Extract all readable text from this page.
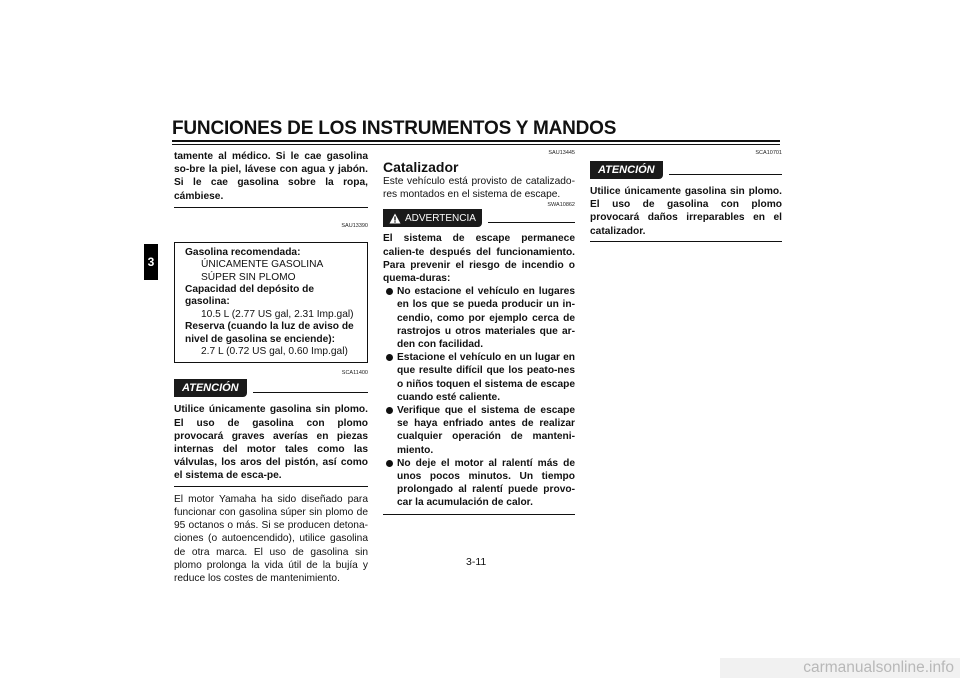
FUNCIONES DE LOS INSTRUMENTOS Y MANDOS
3

tamente al médico. Si le cae gasolina so-bre la piel, lávese con agua y jabón. Si le cae gasolina sobre la ropa, cámbiese.

SAU13390
Gasolina recomendada:
ÚNICAMENTE GASOLINA SÚPER SIN PLOMO
Capacidad del depósito de gasolina:
10.5 L (2.77 US gal, 2.31 Imp.gal)
Reserva (cuando la luz de aviso de nivel de gasolina se enciende):
2.7 L (0.72 US gal, 0.60 Imp.gal)
SCA11400
ATENCIÓN

Utilice únicamente gasolina sin plomo. El uso de gasolina con plomo provocará graves averías en piezas internas del motor tales como las válvulas, los aros del pistón, así como el sistema de esca-pe.

El motor Yamaha ha sido diseñado para funcionar con gasolina súper sin plomo de 95 octanos o más. Si se producen detona-ciones (o autoencendido), utilice gasolina de otra marca. El uso de gasolina sin plomo prolonga la vida útil de la bujía y reduce los costes de mantenimiento.

SAU13445
Catalizador

Este vehículo está provisto de catalizado-res montados en el sistema de escape.

SWA10862
ADVERTENCIA

El sistema de escape permanece calien-te después del funcionamiento. Para prevenir el riesgo de incendio o quema-duras:

No estacione el vehículo en lugares en los que se pueda producir un in-cendio, como por ejemplo cerca de rastrojos u otros materiales que ar-den con facilidad.
Estacione el vehículo en un lugar en que resulte difícil que los peato-nes o niños toquen el sistema de escape cuando esté caliente.
Verifique que el sistema de escape se haya enfriado antes de realizar cualquier operación de manteni-miento.
No deje el motor al ralentí más de unos pocos minutos. Un tiempo prolongado al ralentí puede provo-car la acumulación de calor.
SCA10701
ATENCIÓN

Utilice únicamente gasolina sin plomo. El uso de gasolina con plomo provocará daños irreparables en el catalizador.

3-11
carmanualsonline.info
